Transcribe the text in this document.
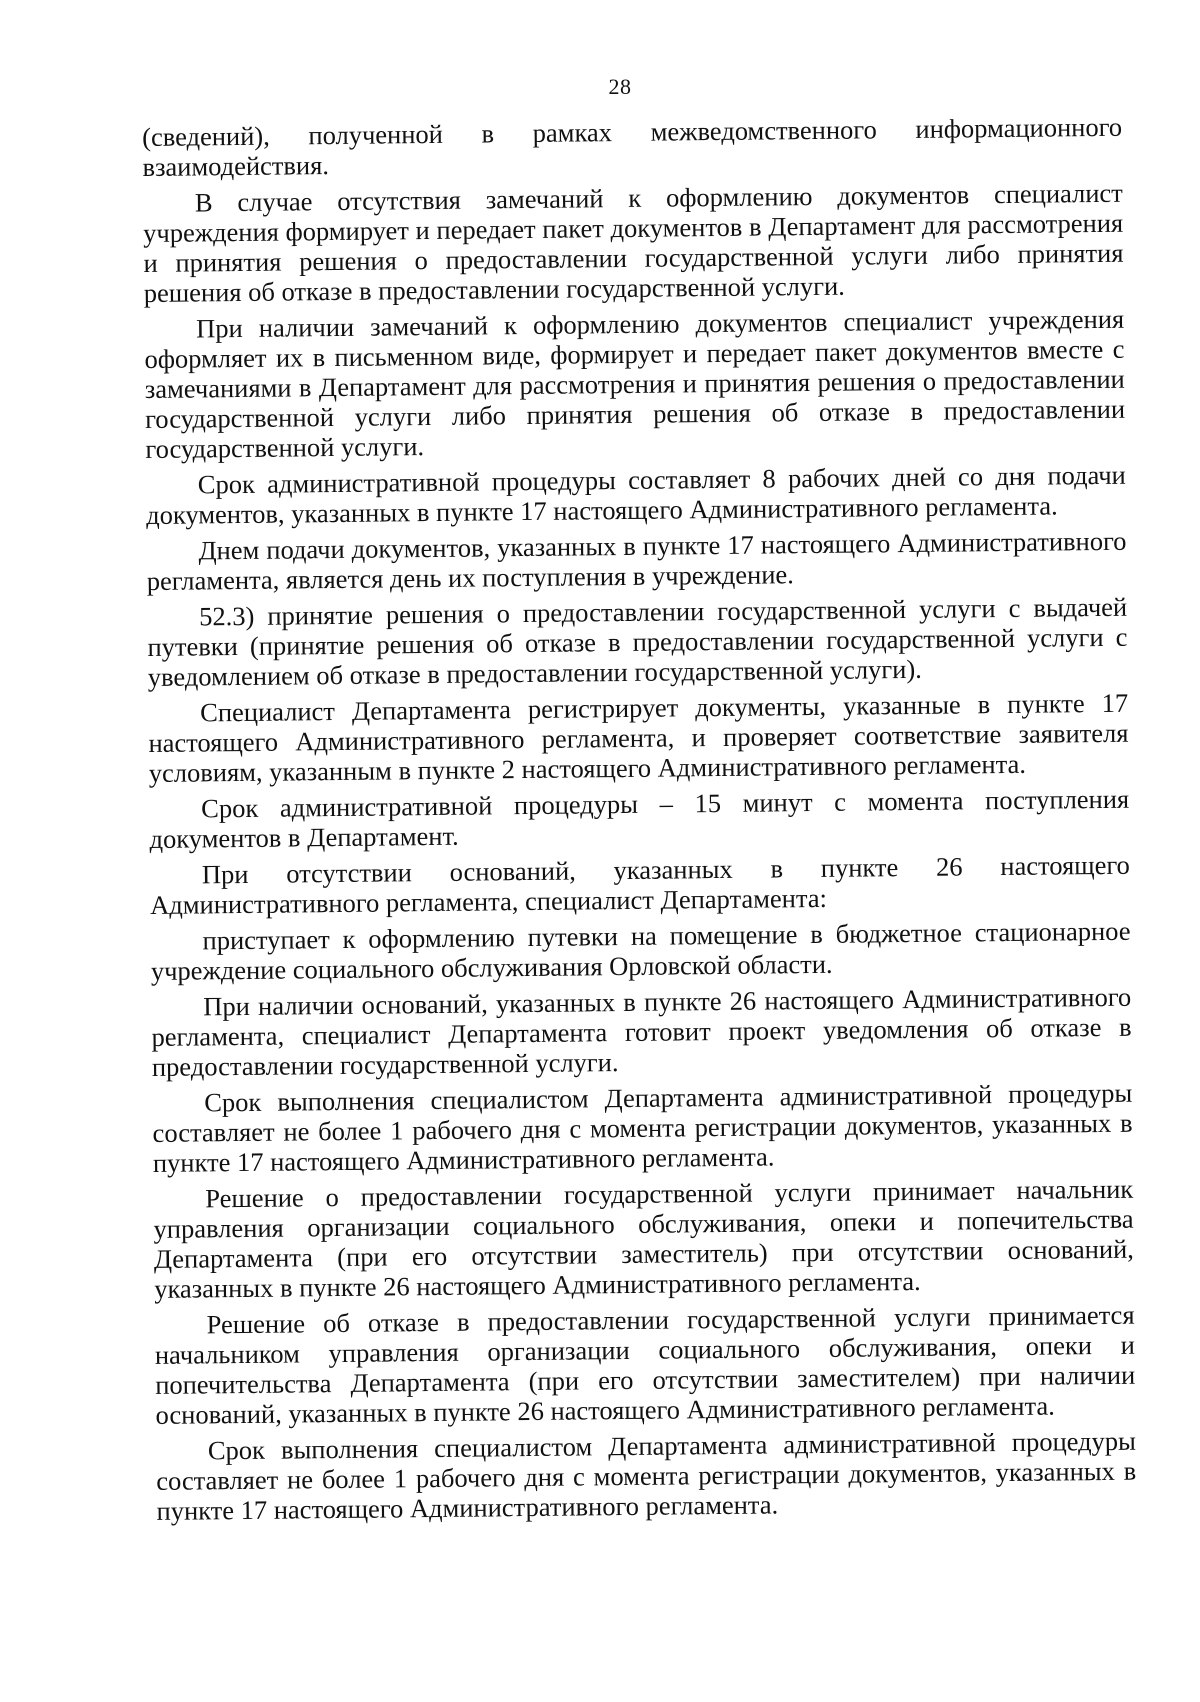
28

(сведений), полученной в рамках межведомственного информационного взаимодействия.

В случае отсутствия замечаний к оформлению документов специалист учреждения формирует и передает пакет документов в Департамент для рассмотрения и принятия решения о предоставлении государственной услуги либо принятия решения об отказе в предоставлении государственной услуги.

При наличии замечаний к оформлению документов специалист учреждения оформляет их в письменном виде, формирует и передает пакет документов вместе с замечаниями в Департамент для рассмотрения и принятия решения о предоставлении государственной услуги либо принятия решения об отказе в предоставлении государственной услуги.

Срок административной процедуры составляет 8 рабочих дней со дня подачи документов, указанных в пункте 17 настоящего Административного регламента.

Днем подачи документов, указанных в пункте 17 настоящего Административного регламента, является день их поступления в учреждение.

52.3) принятие решения о предоставлении государственной услуги с выдачей путевки (принятие решения об отказе в предоставлении государственной услуги с уведомлением об отказе в предоставлении государственной услуги).

Специалист Департамента регистрирует документы, указанные в пункте 17 настоящего Административного регламента, и проверяет соответствие заявителя условиям, указанным в пункте 2 настоящего Административного регламента.

Срок административной процедуры – 15 минут с момента поступления документов в Департамент.

При отсутствии оснований, указанных в пункте 26 настоящего Административного регламента, специалист Департамента:

приступает к оформлению путевки на помещение в бюджетное стационарное учреждение социального обслуживания Орловской области.

При наличии оснований, указанных в пункте 26 настоящего Административного регламента, специалист Департамента готовит проект уведомления об отказе в предоставлении государственной услуги.

Срок выполнения специалистом Департамента административной процедуры составляет не более 1 рабочего дня с момента регистрации документов, указанных в пункте 17 настоящего Административного регламента.

Решение о предоставлении государственной услуги принимает начальник управления организации социального обслуживания, опеки и попечительства Департамента (при его отсутствии заместитель) при отсутствии оснований, указанных в пункте 26 настоящего Административного регламента.

Решение об отказе в предоставлении государственной услуги принимается начальником управления организации социального обслуживания, опеки и попечительства Департамента (при его отсутствии заместителем) при наличии оснований, указанных в пункте 26 настоящего Административного регламента.

Срок выполнения специалистом Департамента административной процедуры составляет не более 1 рабочего дня с момента регистрации документов, указанных в пункте 17 настоящего Административного регламента.
